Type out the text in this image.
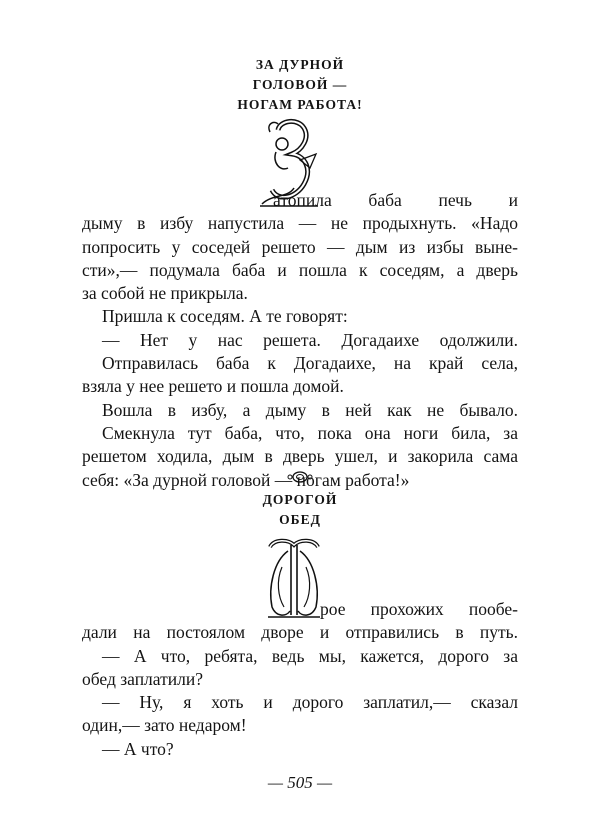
ЗА ДУРНОЙ
ГОЛОВОЙ —
НОГАМ РАБОТА!
атопила баба печь и
дыму в избу напустила — не продыхнуть. «Надо
попросить у соседей решето — дым из избы выне-
сти»,— подумала баба и пошла к соседям, а дверь
за собой не прикрыла.
Пришла к соседям. А те говорят:
— Нет у нас решета. Догадаихе одолжили.
Отправилась баба к Догадаихе, на край села,
взяла у нее решето и пошла домой.
Вошла в избу, а дыму в ней как не бывало.
Смекнула тут баба, что, пока она ноги била, за
решетом ходила, дым в дверь ушел, и закорила сама
себя: «За дурной головой — ногам работа!»
ДОРОГОЙ
ОБЕД
рое прохожих пообе-
дали на постоялом дворе и отправились в путь.
— А что, ребята, ведь мы, кажется, дорого за
обед заплатили?
— Ну, я хоть и дорого заплатил,— сказал
один,— зато недаром!
— А что?
— 505 —
